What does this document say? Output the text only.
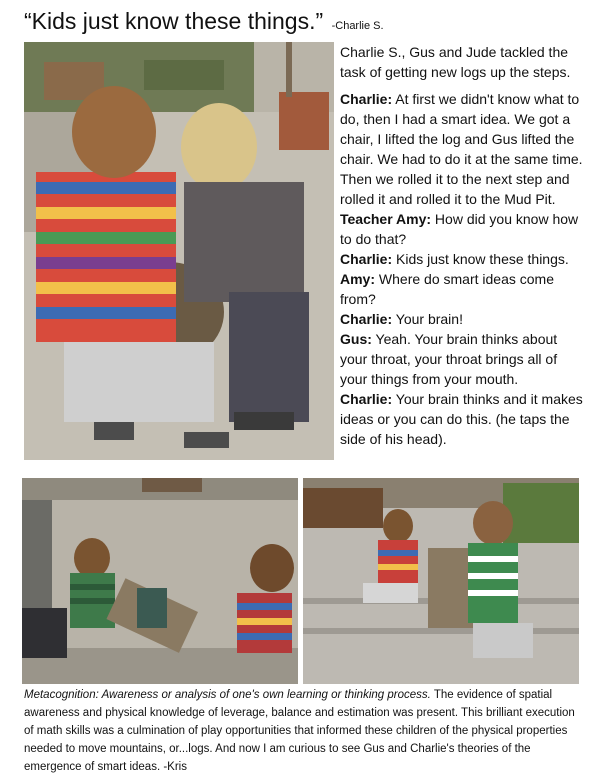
“Kids just know these things.” -Charlie S.
Charlie S., Gus and Jude tackled the task of getting new logs up the steps.

Charlie: At first we didn't know what to do, then I had a smart idea. We got a chair, I lifted the log and Gus lifted the chair. We had to do it at the same time. Then we rolled it to the next step and rolled it and rolled it to the Mud Pit.

Teacher Amy: How did you know how to do that?

Charlie: Kids just know these things.

Amy: Where do smart ideas come from?

Charlie: Your brain!

Gus: Yeah. Your brain thinks about your throat, your throat brings all of your things from your mouth.

Charlie: Your brain thinks and it makes ideas or you can do this. (he taps the side of his head).

Metacognition: Awareness or analysis of one's own learning or thinking process. The evidence of spatial awareness and physical knowledge of leverage, balance and estimation was present. This brilliant execution of math skills was a culmination of play opportunities that informed these children of the physical properties needed to move mountains, or...logs. And now I am curious to see Gus and Charlie's theories of the emergence of smart ideas. -Kris
